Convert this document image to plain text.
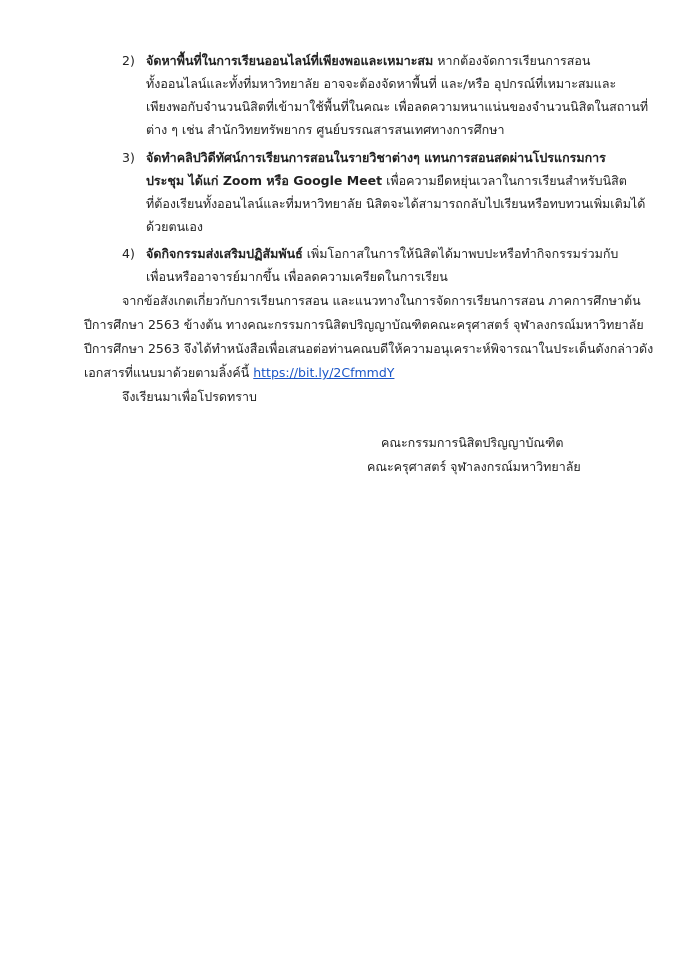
2) จัดหาพื้นที่ในการเรียนออนไลน์ที่เพียงพอและเหมาะสม หากต้องจัดการเรียนการสอน
ทั้งออนไลน์และทั้งที่มหาวิทยาลัย อาจจะต้องจัดหาพื้นที่ และ/หรือ อุปกรณ์ที่เหมาะสมและ
เพียงพอกับจำนวนนิสิตที่เข้ามาใช้พื้นที่ในคณะ เพื่อลดความหนาแน่นของจำนวนนิสิตในสถานที่
ต่าง ๆ เช่น สำนักวิทยทรัพยากร ศูนย์บรรณสารสนเทศทางการศึกษา
3) จัดทำคลิปวิดีทัศน์การเรียนการสอนในรายวิชาต่างๆ แทนการสอนสดผ่านโปรแกรมการ
ประชุม ได้แก่ Zoom หรือ Google Meet เพื่อความยืดหยุ่นเวลาในการเรียนสำหรับนิสิต
ที่ต้องเรียนทั้งออนไลน์และที่มหาวิทยาลัย นิสิตจะได้สามารถกลับไปเรียนหรือทบทวนเพิ่มเติมได้
ด้วยตนเอง
4) จัดกิจกรรมส่งเสริมปฏิสัมพันธ์ เพิ่มโอกาสในการให้นิสิตได้มาพบปะหรือทำกิจกรรมร่วมกับ
เพื่อนหรืออาจารย์มากขึ้น เพื่อลดความเครียดในการเรียน
จากข้อสังเกตเกี่ยวกับการเรียนการสอน และแนวทางในการจัดการเรียนการสอน ภาคการศึกษาต้น
ปีการศึกษา 2563 ข้างต้น ทางคณะกรรมการนิสิตปริญญาบัณฑิตคณะครุศาสตร์ จุฬาลงกรณ์มหาวิทยาลัย
ปีการศึกษา 2563 จึงได้ทำหนังสือเพื่อเสนอต่อท่านคณบดีให้ความอนุเคราะห์พิจารณาในประเด็นดังกล่าวดัง
เอกสารที่แนบมาด้วยตามลิ้งค์นี้ https://bit.ly/2CfmmdY
จึงเรียนมาเพื่อโปรดทราบ
คณะกรรมการนิสิตปริญญาบัณฑิต
คณะครุศาสตร์ จุฬาลงกรณ์มหาวิทยาลัย
